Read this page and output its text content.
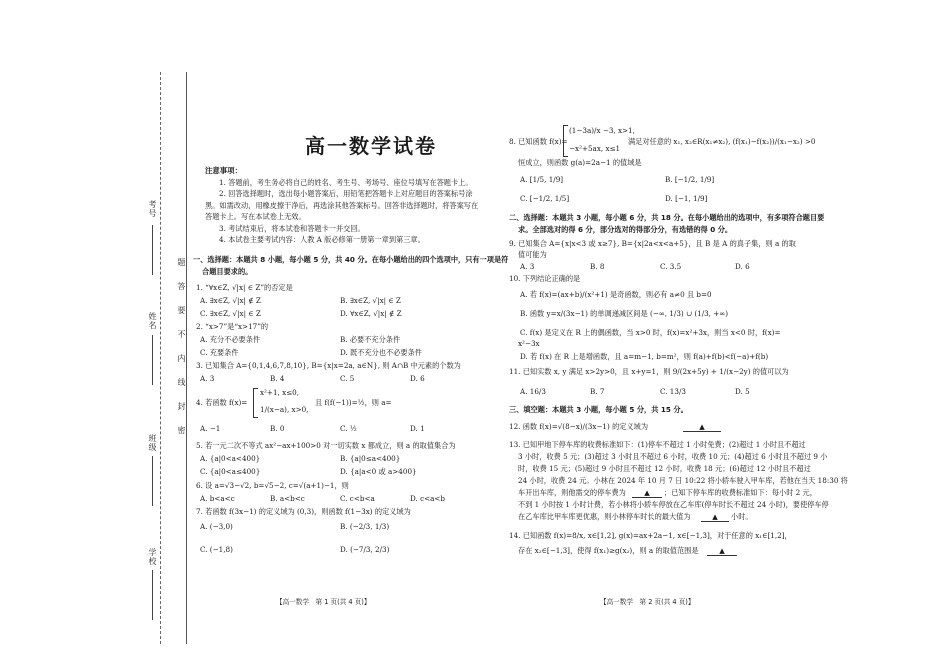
考号
题
答
要
不
内
线
封
密
姓名
班级
学校
高一数学试卷

注意事项：

1. 答题前，考生务必将自己的姓名、考生号、考场号、座位号填写在答题卡上。

2. 回答选择题时，选出每小题答案后，用铅笔把答题卡上对应题目的答案标号涂

黑。如需改动，用橡皮擦干净后，再选涂其他答案标号。回答非选择题时，将答案写在

答题卡上。写在本试卷上无效。

3. 考试结束后，将本试卷和答题卡一并交回。

4. 本试卷主要考试内容：人教 A 版必修第一册第一章到第三章。

一、选择题：本题共 8 小题，每小题 5 分，共 40 分。在每小题给出的四个选项中，只有一项是符
合题目要求的。
1. “∀x∈Z, √|x| ∈ Z”的否定是
A. ∃x∈Z, √|x| ∉ Z	B. ∃x∈Z, √|x| ∈ Z
C. ∃x∈Z, √|x| ∈ Z	D. ∀x∈Z, √|x| ∉ Z
2. “x>7”是“x>17”的
A. 充分不必要条件	B. 必要不充分条件
C. 充要条件	D. 既不充分也不必要条件
3. 已知集合 A={0,1,4,6,7,8,10}, B={x|x=2a, a∈N}, 则 A∩B 中元素的个数为
A. 3	B. 4	C. 5	D. 6
4. 若函数 f(x)=
x²+1, x≤0,
1/(x−a), x>0,
且 f(f(−1))=½，则 a=
A. −1	B. 0	C. ½	D. 1
5. 若一元二次不等式 ax²−ax+100>0 对一切实数 x 都成立，则 a 的取值集合为
A. {a|0<a<400}	B. {a|0≤a<400}
C. {a|0<a≤400}	D. {a|a<0 或 a>400}
6. 设 a=√3−√2, b=√5−2, c=√(a+1)−1，则
A. b<a<c	B. a<b<c	C. c<b<a	D. c<a<b
7. 若函数 f(3x−1) 的定义域为 (0,3)，则函数 f(1−3x) 的定义域为
A. (−3,0)	B. (−2/3, 1/3)
C. (−1,8)	D. (−7/3, 2/3)
【高一数学　第 1 页(共 4 页)】
8. 已知函数 f(x)=
(1−3a)/x −3, x>1,
−x²+5ax, x≤1
满足对任意的 x₁, x₂∈R(x₁≠x₂), (f(x₁)−f(x₂))/(x₁−x₂) >0
恒成立，则函数 g(a)=2a−1 的值域是
A. [1/5, 1/9]	B. [−1/2, 1/9]
C. [−1/2, 1/5]	D. [−1, 1/9]
二、选择题：本题共 3 小题，每小题 6 分，共 18 分。在每小题给出的选项中，有多项符合题目要
求。全部选对的得 6 分，部分选对的得部分分，有选错的得 0 分。
9. 已知集合 A={x|x<3 或 x≥7}, B={x|2a<x<a+5}，且 B 是 A 的真子集，则 a 的取
值可能为
A. 3	B. 8	C. 3.5	D. 6
10. 下列结论正确的是
A. 若 f(x)=(ax+b)/(x²+1) 是奇函数，则必有 a≠0 且 b=0
B. 函数 y=x/(3x−1) 的单调递减区间是 (−∞, 1/3) ∪ (1/3, +∞)
C. f(x) 是定义在 R 上的偶函数，当 x>0 时，f(x)=x²+3x，则当 x<0 时，f(x)=
x²−3x
D. 若 f(x) 在 R 上是增函数，且 a=m−1, b=m²，则 f(a)+f(b)<f(−a)+f(b)
11. 已知实数 x, y 满足 x>2y>0，且 x+y=1，则 9/(2x+5y) + 1/(x−2y) 的值可以为
A. 16/3	B. 7	C. 13/3	D. 5
三、填空题：本题共 3 小题，每小题 5 分，共 15 分。
12. 函数 f(x)=√(8−x)/(3x−1) 的定义域为	▲
13. 已知甲地下停车库的收费标准如下：(1)停车不超过 1 小时免费；(2)超过 1 小时且不超过
3 小时，收费 5 元；(3)超过 3 小时且不超过 6 小时，收费 10 元；(4)超过 6 小时且不超过 9 小
时，收费 15 元；(5)超过 9 小时且不超过 12 小时，收费 18 元；(6)超过 12 小时且不超过
24 小时，收费 24 元。小林在 2024 年 10 月 7 日 10:22 将小轿车驶入甲车库，若他在当天 18:30 将
车开出车库，则他需交的停车费为	▲	；已知下停车库的收费标准如下：每小时 2 元，
不到 1 小时按 1 小时计费，若小林将小轿车停放在乙车库(停车时长不超过 24 小时)，要使停车停
在乙车库比甲车库更优惠，则小林停车时长的最大值为	▲	小时。
14. 已知函数 f(x)=8/x, x∈[1,2], g(x)=ax+2a−1, x∈[−1,3]，对于任意的 x₁∈[1,2]，
存在 x₂∈[−1,3]，使得 f(x₁)≥g(x₂)，则 a 的取值范围是	▲
【高一数学　第 2 页(共 4 页)】
